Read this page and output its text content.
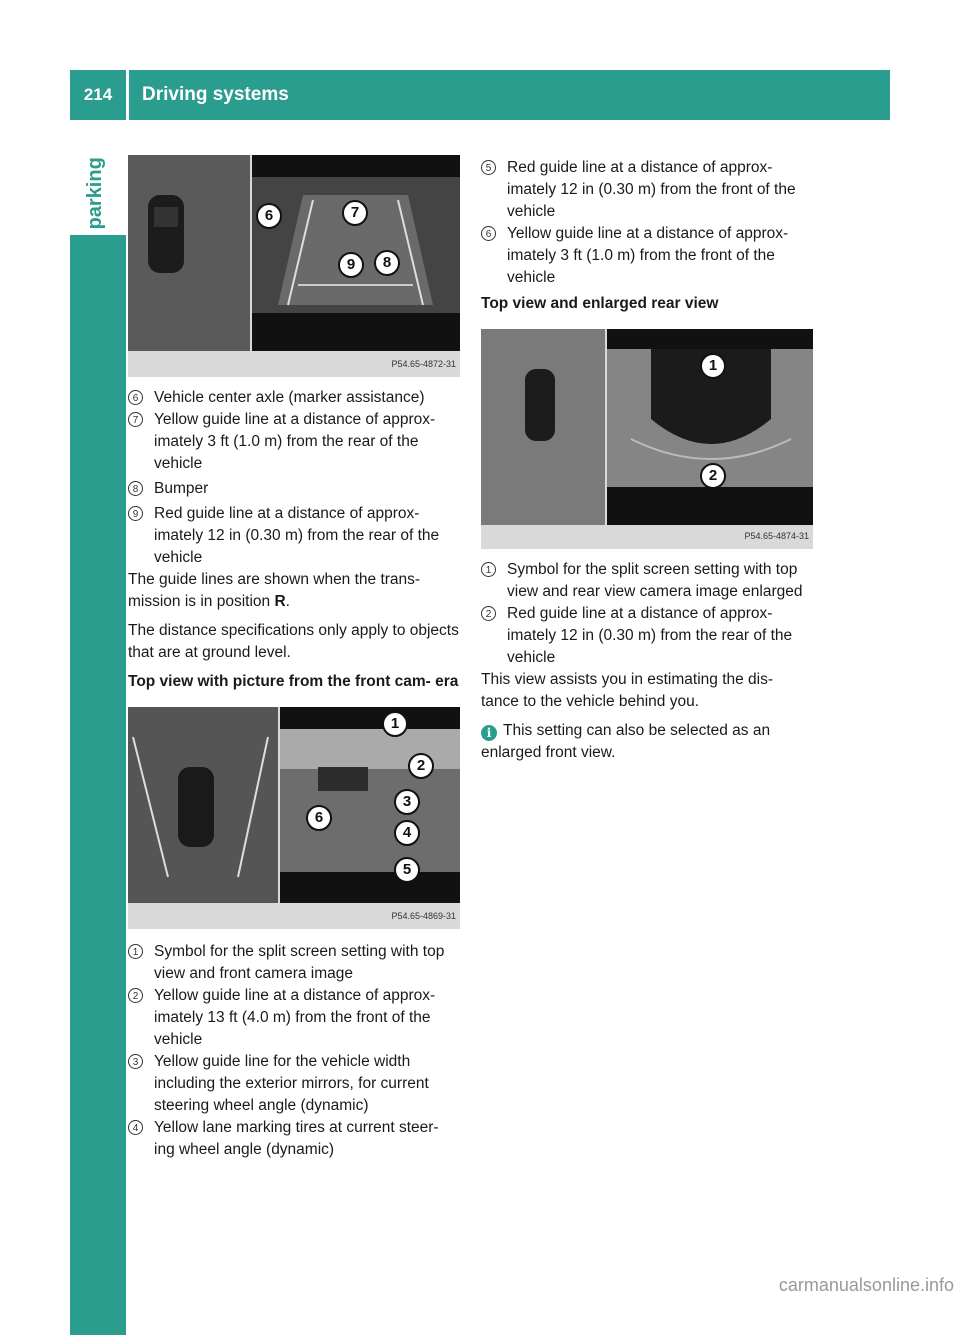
214	Driving systems
Driving and parking	6	7
9	8
P54.65-4872-31

6	Vehicle center axle (marker assistance)

7	Yellow guide line at a distance of approx- imately 3 ft (1.0 m) from the rear of the vehicle

8	Bumper

9	Red guide line at a distance of approx- imately 12 in (0.30 m) from the rear of the vehicle

The guide lines are shown when the trans- mission is in position R.

The distance specifications only apply to objects that are at ground level.

Top view with picture from the front cam- era

1
2
3
6
4
5
P54.65-4869-31

1	Symbol for the split screen setting with top view and front camera image

2	Yellow guide line at a distance of approx- imately 13 ft (4.0 m) from the front of the vehicle

3	Yellow guide line for the vehicle width including the exterior mirrors, for current steering wheel angle (dynamic)

4	Yellow lane marking tires at current steer- ing wheel angle (dynamic)

5	Red guide line at a distance of approx- imately 12 in (0.30 m) from the front of the vehicle

6	Yellow guide line at a distance of approx- imately 3 ft (1.0 m) from the front of the vehicle

Top view and enlarged rear view

1
2
P54.65-4874-31

1	Symbol for the split screen setting with top view and rear view camera image enlarged

2	Red guide line at a distance of approx- imately 12 in (0.30 m) from the rear of the vehicle

This view assists you in estimating the dis- tance to the vehicle behind you.

i This setting can also be selected as an enlarged front view.

carmanualsonline.info
